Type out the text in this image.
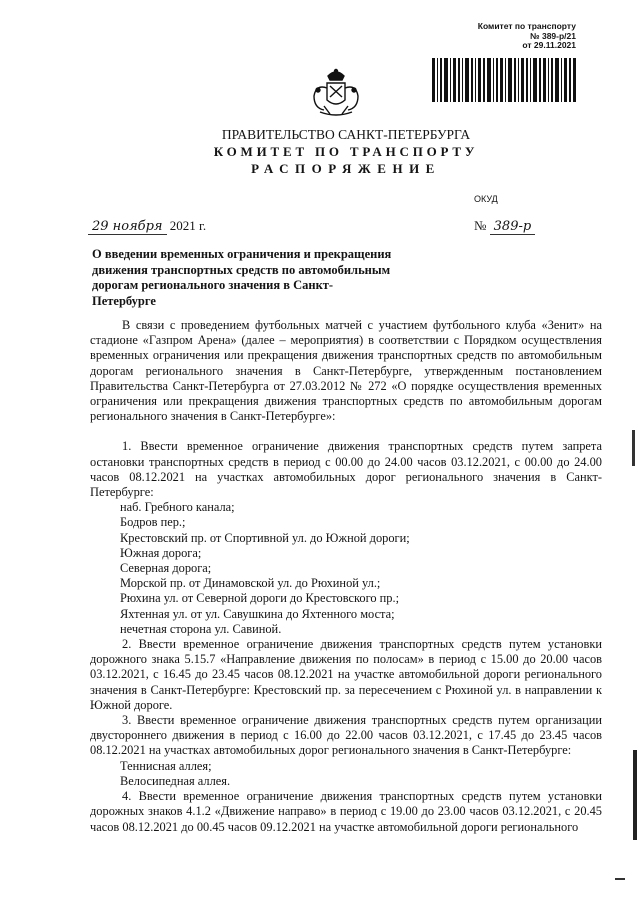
Комитет по транспорту
№ 389-р/21
от 29.11.2021
ПРАВИТЕЛЬСТВО САНКТ-ПЕТЕРБУРГА
КОМИТЕТ ПО ТРАНСПОРТУ
РАСПОРЯЖЕНИЕ
ОКУД
29 ноября 2021 г.	№ 389-р
О введении временных ограничения и прекращения движения транспортных средств по автомобильным дорогам регионального значения в Санкт-Петербурге

В связи с проведением футбольных матчей с участием футбольного клуба «Зенит» на стадионе «Газпром Арена» (далее – мероприятия) в соответствии с Порядком осуществления временных ограничения или прекращения движения транспортных средств по автомобильным дорогам регионального значения в Санкт-Петербурге, утвержденным постановлением Правительства Санкт-Петербурга от 27.03.2012 № 272 «О порядке осуществления временных ограничения или прекращения движения транспортных средств по автомобильным дорогам регионального значения в Санкт-Петербурге»:

1. Ввести временное ограничение движения транспортных средств путем запрета остановки транспортных средств в период с 00.00 до 24.00 часов 03.12.2021, с 00.00 до 24.00 часов 08.12.2021 на участках автомобильных дорог регионального значения в Санкт-Петербурге:

наб. Гребного канала;
Бодров пер.;
Крестовский пр. от Спортивной ул. до Южной дороги;
Южная дорога;
Северная дорога;
Морской пр. от Динамовской ул. до Рюхиной ул.;
Рюхина ул. от Северной дороги до Крестовского пр.;
Яхтенная ул. от ул. Савушкина до Яхтенного моста;
нечетная сторона ул. Савиной.

2. Ввести временное ограничение движения транспортных средств путем установки дорожного знака 5.15.7 «Направление движения по полосам» в период с 15.00 до 20.00 часов 03.12.2021, с 16.45 до 23.45 часов 08.12.2021 на участке автомобильной дороги регионального значения в Санкт-Петербурге: Крестовский пр. за пересечением с Рюхиной ул. в направлении к Южной дороге.

3. Ввести временное ограничение движения транспортных средств путем организации двустороннего движения в период с 16.00 до 22.00 часов 03.12.2021, с 17.45 до 23.45 часов 08.12.2021 на участках автомобильных дорог регионального значения в Санкт-Петербурге:

Теннисная аллея;
Велосипедная аллея.

4. Ввести временное ограничение движения транспортных средств путем установки дорожных знаков 4.1.2 «Движение направо» в период с 19.00 до 23.00 часов 03.12.2021, с 20.45 часов 08.12.2021 до 00.45 часов 09.12.2021 на участке автомобильной дороги регионального
